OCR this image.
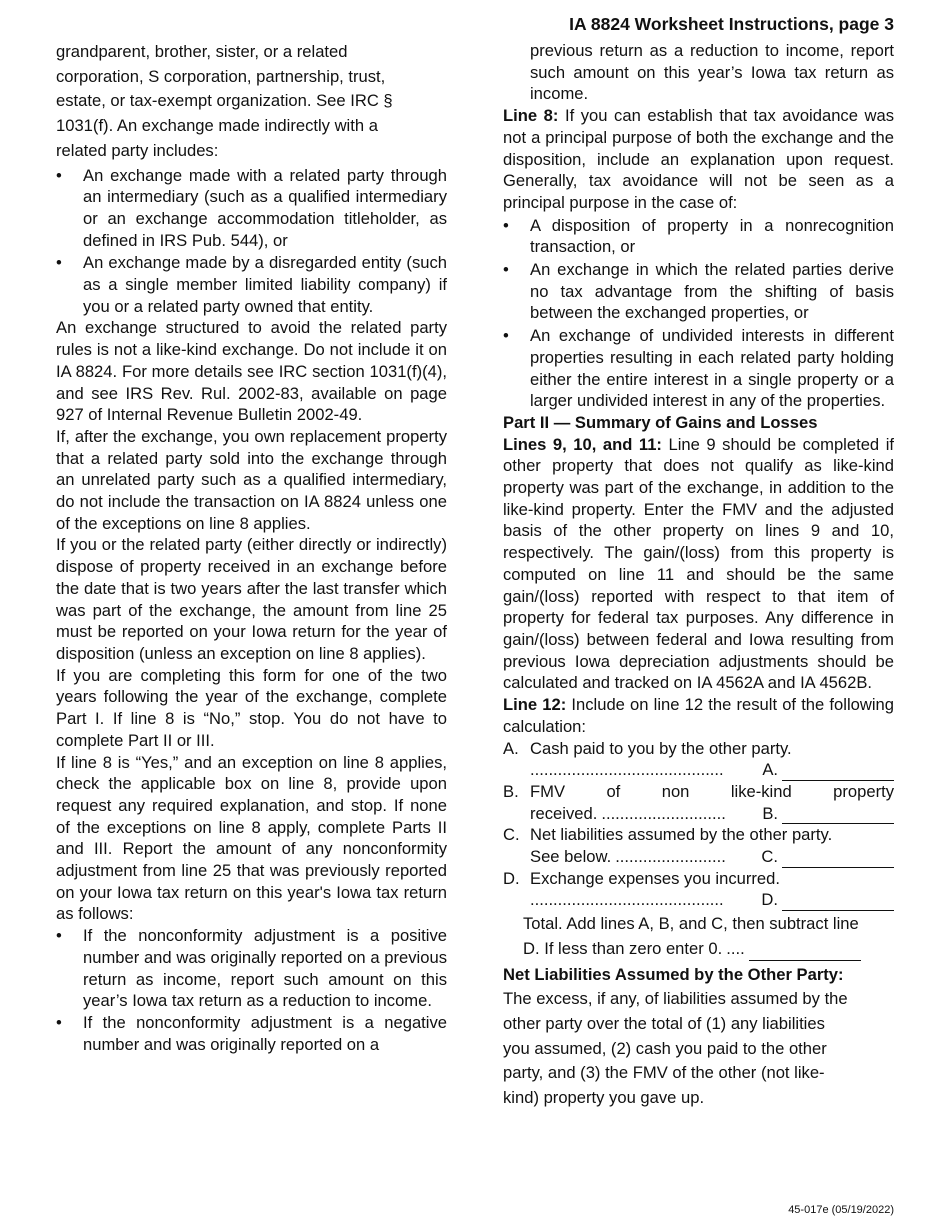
IA 8824 Worksheet Instructions, page 3
grandparent, brother, sister, or a related
corporation, S corporation, partnership, trust,
estate, or tax-exempt organization. See IRC §
1031(f). An exchange made indirectly with a
related party includes:
• An exchange made with a related party through an intermediary (such as a qualified intermediary or an exchange accommodation titleholder, as defined in IRS Pub. 544), or
• An exchange made by a disregarded entity (such as a single member limited liability company) if you or a related party owned that entity.

An exchange structured to avoid the related party rules is not a like-kind exchange. Do not include it on IA 8824. For more details see IRC section 1031(f)(4), and see IRS Rev. Rul. 2002-83, available on page 927 of Internal Revenue Bulletin 2002-49.

If, after the exchange, you own replacement property that a related party sold into the exchange through an unrelated party such as a qualified intermediary, do not include the transaction on IA 8824 unless one of the exceptions on line 8 applies.

If you or the related party (either directly or indirectly) dispose of property received in an exchange before the date that is two years after the last transfer which was part of the exchange, the amount from line 25 must be reported on your Iowa return for the year of disposition (unless an exception on line 8 applies).

If you are completing this form for one of the two years following the year of the exchange, complete Part I. If line 8 is “No,” stop. You do not have to complete Part II or III.

If line 8 is “Yes,” and an exception on line 8 applies, check the applicable box on line 8, provide upon request any required explanation, and stop. If none of the exceptions on line 8 apply, complete Parts II and III. Report the amount of any nonconformity adjustment from line 25 that was previously reported on your Iowa tax return on this year's Iowa tax return as follows:

• If the nonconformity adjustment is a positive number and was originally reported on a previous return as income, report such amount on this year’s Iowa tax return as a reduction to income.
• If the nonconformity adjustment is a negative number and was originally reported on a

previous return as a reduction to income, report such amount on this year’s Iowa tax return as income.

Line 8: If you can establish that tax avoidance was not a principal purpose of both the exchange and the disposition, include an explanation upon request. Generally, tax avoidance will not be seen as a principal purpose in the case of:

• A disposition of property in a nonrecognition transaction, or
• An exchange in which the related parties derive no tax advantage from the shifting of basis between the exchanged properties, or
• An exchange of undivided interests in different properties resulting in each related party holding either the entire interest in a single property or a larger undivided interest in any of the properties.

Part II — Summary of Gains and Losses

Lines 9, 10, and 11: Line 9 should be completed if other property that does not qualify as like-kind property was part of the exchange, in addition to the like-kind property. Enter the FMV and the adjusted basis of the other property on lines 9 and 10, respectively. The gain/(loss) from this property is computed on line 11 and should be the same gain/(loss) reported with respect to that item of property for federal tax purposes. Any difference in gain/(loss) between federal and Iowa resulting from previous Iowa depreciation adjustments should be calculated and tracked on IA 4562A and IA 4562B.

Line 12: Include on line 12 the result of the following calculation:

A. Cash paid to you by the other party.
..........................................	A.
B. FMV of non like-kind property
received. ...........................	B.
C. Net liabilities assumed by the other party.
See below. ........................	C.
D. Exchange expenses you incurred.
..........................................	D.
Total. Add lines A, B, and C, then subtract line
D. If less than zero enter 0. ....

Net Liabilities Assumed by the Other Party:

The excess, if any, of liabilities assumed by the
other party over the total of (1) any liabilities
you assumed, (2) cash you paid to the other
party, and (3) the FMV of the other (not like-
kind) property you gave up.
45-017e (05/19/2022)
